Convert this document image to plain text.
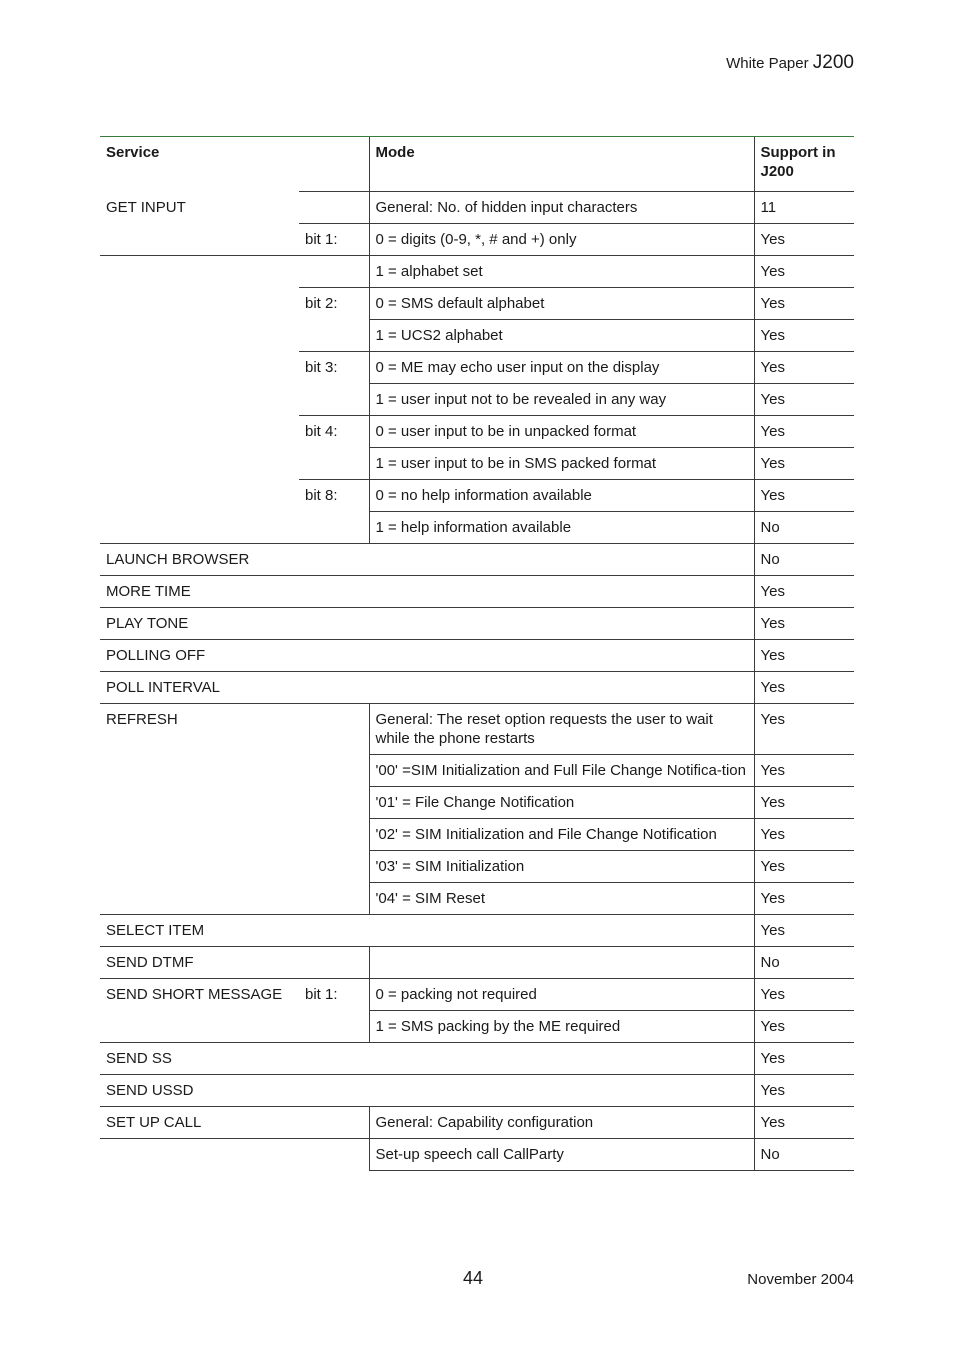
White Paper J200
Service		Mode	Support in J200
GET INPUT		General: No. of hidden input characters	11
	bit 1:	0 = digits (0-9, *, # and +) only	Yes
		1 = alphabet set	Yes
	bit 2:	0 = SMS default alphabet	Yes
		1 = UCS2 alphabet	Yes
	bit 3:	0 = ME may echo user input on the display	Yes
		1 = user input not to be revealed in any way	Yes
	bit 4:	0 = user input to be in unpacked format	Yes
		1 = user input to be in SMS packed format	Yes
	bit 8:	0 = no help information available	Yes
		1 = help information available	No
LAUNCH BROWSER			No
MORE TIME			Yes
PLAY TONE			Yes
POLLING OFF			Yes
POLL INTERVAL			Yes
REFRESH		General: The reset option requests the user to wait while the phone restarts	Yes
		'00' =SIM Initialization and Full File Change Notifica-tion	Yes
		'01' = File Change Notification	Yes
		'02' = SIM Initialization and File Change Notification	Yes
		'03' = SIM Initialization	Yes
		'04' = SIM Reset	Yes
SELECT ITEM			Yes
SEND DTMF			No
SEND SHORT MESSAGE	bit 1:	0 = packing not required	Yes
		1 = SMS packing by the ME required	Yes
SEND SS			Yes
SEND USSD			Yes
SET UP CALL		General: Capability configuration	Yes
		Set-up speech call CallParty	No
44	November 2004
